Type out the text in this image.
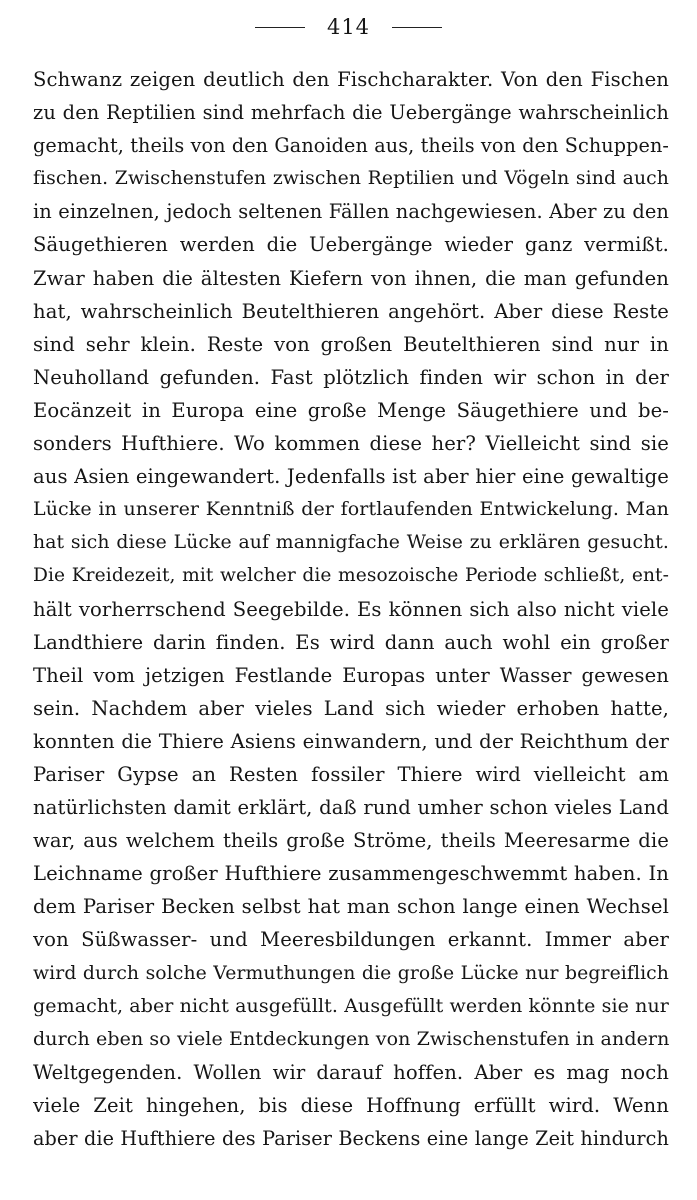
414
Schwanz zeigen deutlich den Fischcharakter. Von den Fischen
zu den Reptilien sind mehrfach die Uebergänge wahrscheinlich
gemacht, theils von den Ganoiden aus, theils von den Schuppen-
fischen. Zwischenstufen zwischen Reptilien und Vögeln sind auch
in einzelnen, jedoch seltenen Fällen nachgewiesen. Aber zu den
Säugethieren werden die Uebergänge wieder ganz vermißt.
Zwar haben die ältesten Kiefern von ihnen, die man gefunden
hat, wahrscheinlich Beutelthieren angehört. Aber diese Reste
sind sehr klein. Reste von großen Beutelthieren sind nur in
Neuholland gefunden. Fast plötzlich finden wir schon in der
Eocänzeit in Europa eine große Menge Säugethiere und be-
sonders Hufthiere. Wo kommen diese her? Vielleicht sind sie
aus Asien eingewandert. Jedenfalls ist aber hier eine gewaltige
Lücke in unserer Kenntniß der fortlaufenden Entwickelung. Man
hat sich diese Lücke auf mannigfache Weise zu erklären gesucht.
Die Kreidezeit, mit welcher die mesozoische Periode schließt, ent-
hält vorherrschend Seegebilde. Es können sich also nicht viele
Landthiere darin finden. Es wird dann auch wohl ein großer
Theil vom jetzigen Festlande Europas unter Wasser gewesen
sein. Nachdem aber vieles Land sich wieder erhoben hatte,
konnten die Thiere Asiens einwandern, und der Reichthum der
Pariser Gypse an Resten fossiler Thiere wird vielleicht am
natürlichsten damit erklärt, daß rund umher schon vieles Land
war, aus welchem theils große Ströme, theils Meeresarme die
Leichname großer Hufthiere zusammengeschwemmt haben. In
dem Pariser Becken selbst hat man schon lange einen Wechsel
von Süßwasser- und Meeresbildungen erkannt. Immer aber
wird durch solche Vermuthungen die große Lücke nur begreiflich
gemacht, aber nicht ausgefüllt. Ausgefüllt werden könnte sie nur
durch eben so viele Entdeckungen von Zwischenstufen in andern
Weltgegenden. Wollen wir darauf hoffen. Aber es mag noch
viele Zeit hingehen, bis diese Hoffnung erfüllt wird. Wenn
aber die Hufthiere des Pariser Beckens eine lange Zeit hindurch
